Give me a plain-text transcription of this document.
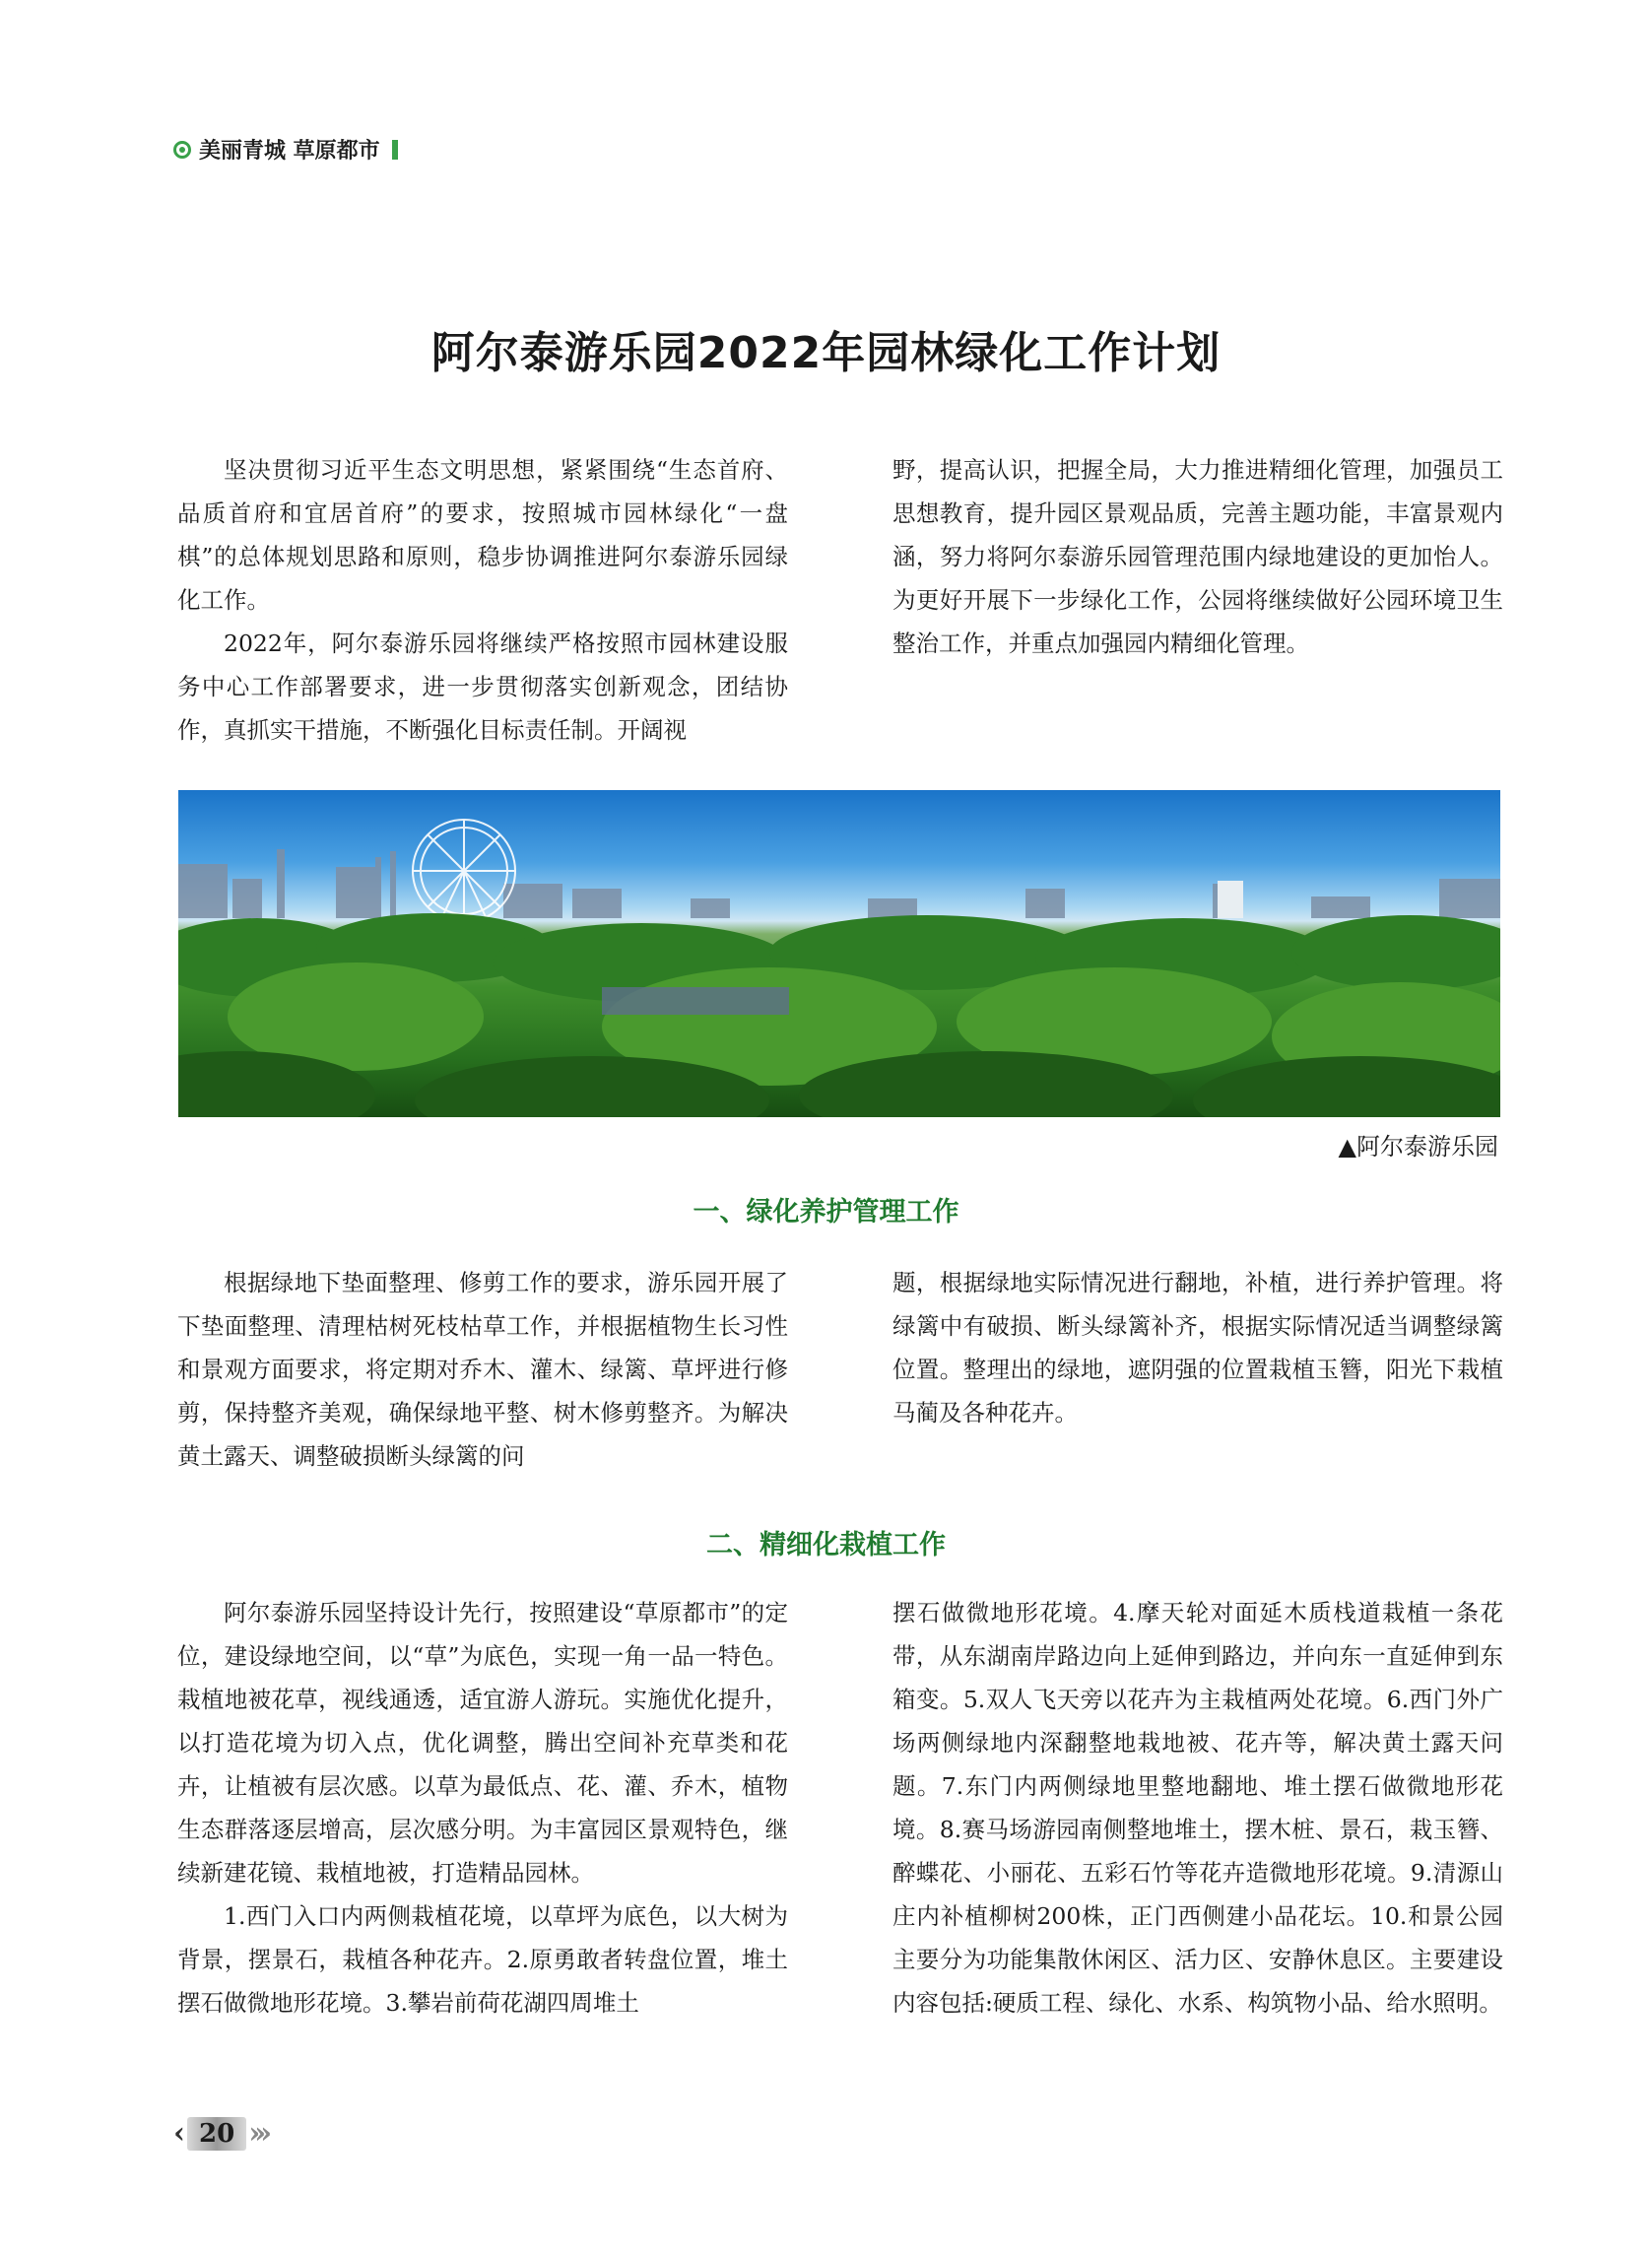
美丽青城 草原都市
阿尔泰游乐园2022年园林绿化工作计划

坚决贯彻习近平生态文明思想，紧紧围绕“生态首府、品质首府和宜居首府”的要求，按照城市园林绿化“一盘棋”的总体规划思路和原则，稳步协调推进阿尔泰游乐园绿化工作。

2022年，阿尔泰游乐园将继续严格按照市园林建设服务中心工作部署要求，进一步贯彻落实创新观念，团结协作，真抓实干措施，不断强化目标责任制。开阔视

野，提高认识，把握全局，大力推进精细化管理，加强员工思想教育，提升园区景观品质，完善主题功能，丰富景观内涵，努力将阿尔泰游乐园管理范围内绿地建设的更加怡人。为更好开展下一步绿化工作，公园将继续做好公园环境卫生整治工作，并重点加强园内精细化管理。

▲阿尔泰游乐园
一、绿化养护管理工作

根据绿地下垫面整理、修剪工作的要求，游乐园开展了下垫面整理、清理枯树死枝枯草工作，并根据植物生长习性和景观方面要求，将定期对乔木、灌木、绿篱、草坪进行修剪，保持整齐美观，确保绿地平整、树木修剪整齐。为解决黄土露天、调整破损断头绿篱的问

题，根据绿地实际情况进行翻地，补植，进行养护管理。将绿篱中有破损、断头绿篱补齐，根据实际情况适当调整绿篱位置。整理出的绿地，遮阴强的位置栽植玉簪，阳光下栽植马蔺及各种花卉。

二、精细化栽植工作

阿尔泰游乐园坚持设计先行，按照建设“草原都市”的定位，建设绿地空间，以“草”为底色，实现一角一品一特色。栽植地被花草，视线通透，适宜游人游玩。实施优化提升，以打造花境为切入点，优化调整，腾出空间补充草类和花卉，让植被有层次感。以草为最低点、花、灌、乔木，植物生态群落逐层增高，层次感分明。为丰富园区景观特色，继续新建花镜、栽植地被，打造精品园林。

1.西门入口内两侧栽植花境，以草坪为底色，以大树为背景，摆景石，栽植各种花卉。2.原勇敢者转盘位置，堆土摆石做微地形花境。3.攀岩前荷花湖四周堆土

摆石做微地形花境。4.摩天轮对面延木质栈道栽植一条花带，从东湖南岸路边向上延伸到路边，并向东一直延伸到东箱变。5.双人飞天旁以花卉为主栽植两处花境。6.西门外广场两侧绿地内深翻整地栽地被、花卉等，解决黄土露天问题。7.东门内两侧绿地里整地翻地、堆土摆石做微地形花境。8.赛马场游园南侧整地堆土，摆木桩、景石，栽玉簪、醉蝶花、小丽花、五彩石竹等花卉造微地形花境。9.清源山庄内补植柳树200株，正门西侧建小品花坛。10.和景公园主要分为功能集散休闲区、活力区、安静休息区。主要建设内容包括:硬质工程、绿化、水系、构筑物小品、给水照明。

‹ 20 ›››
